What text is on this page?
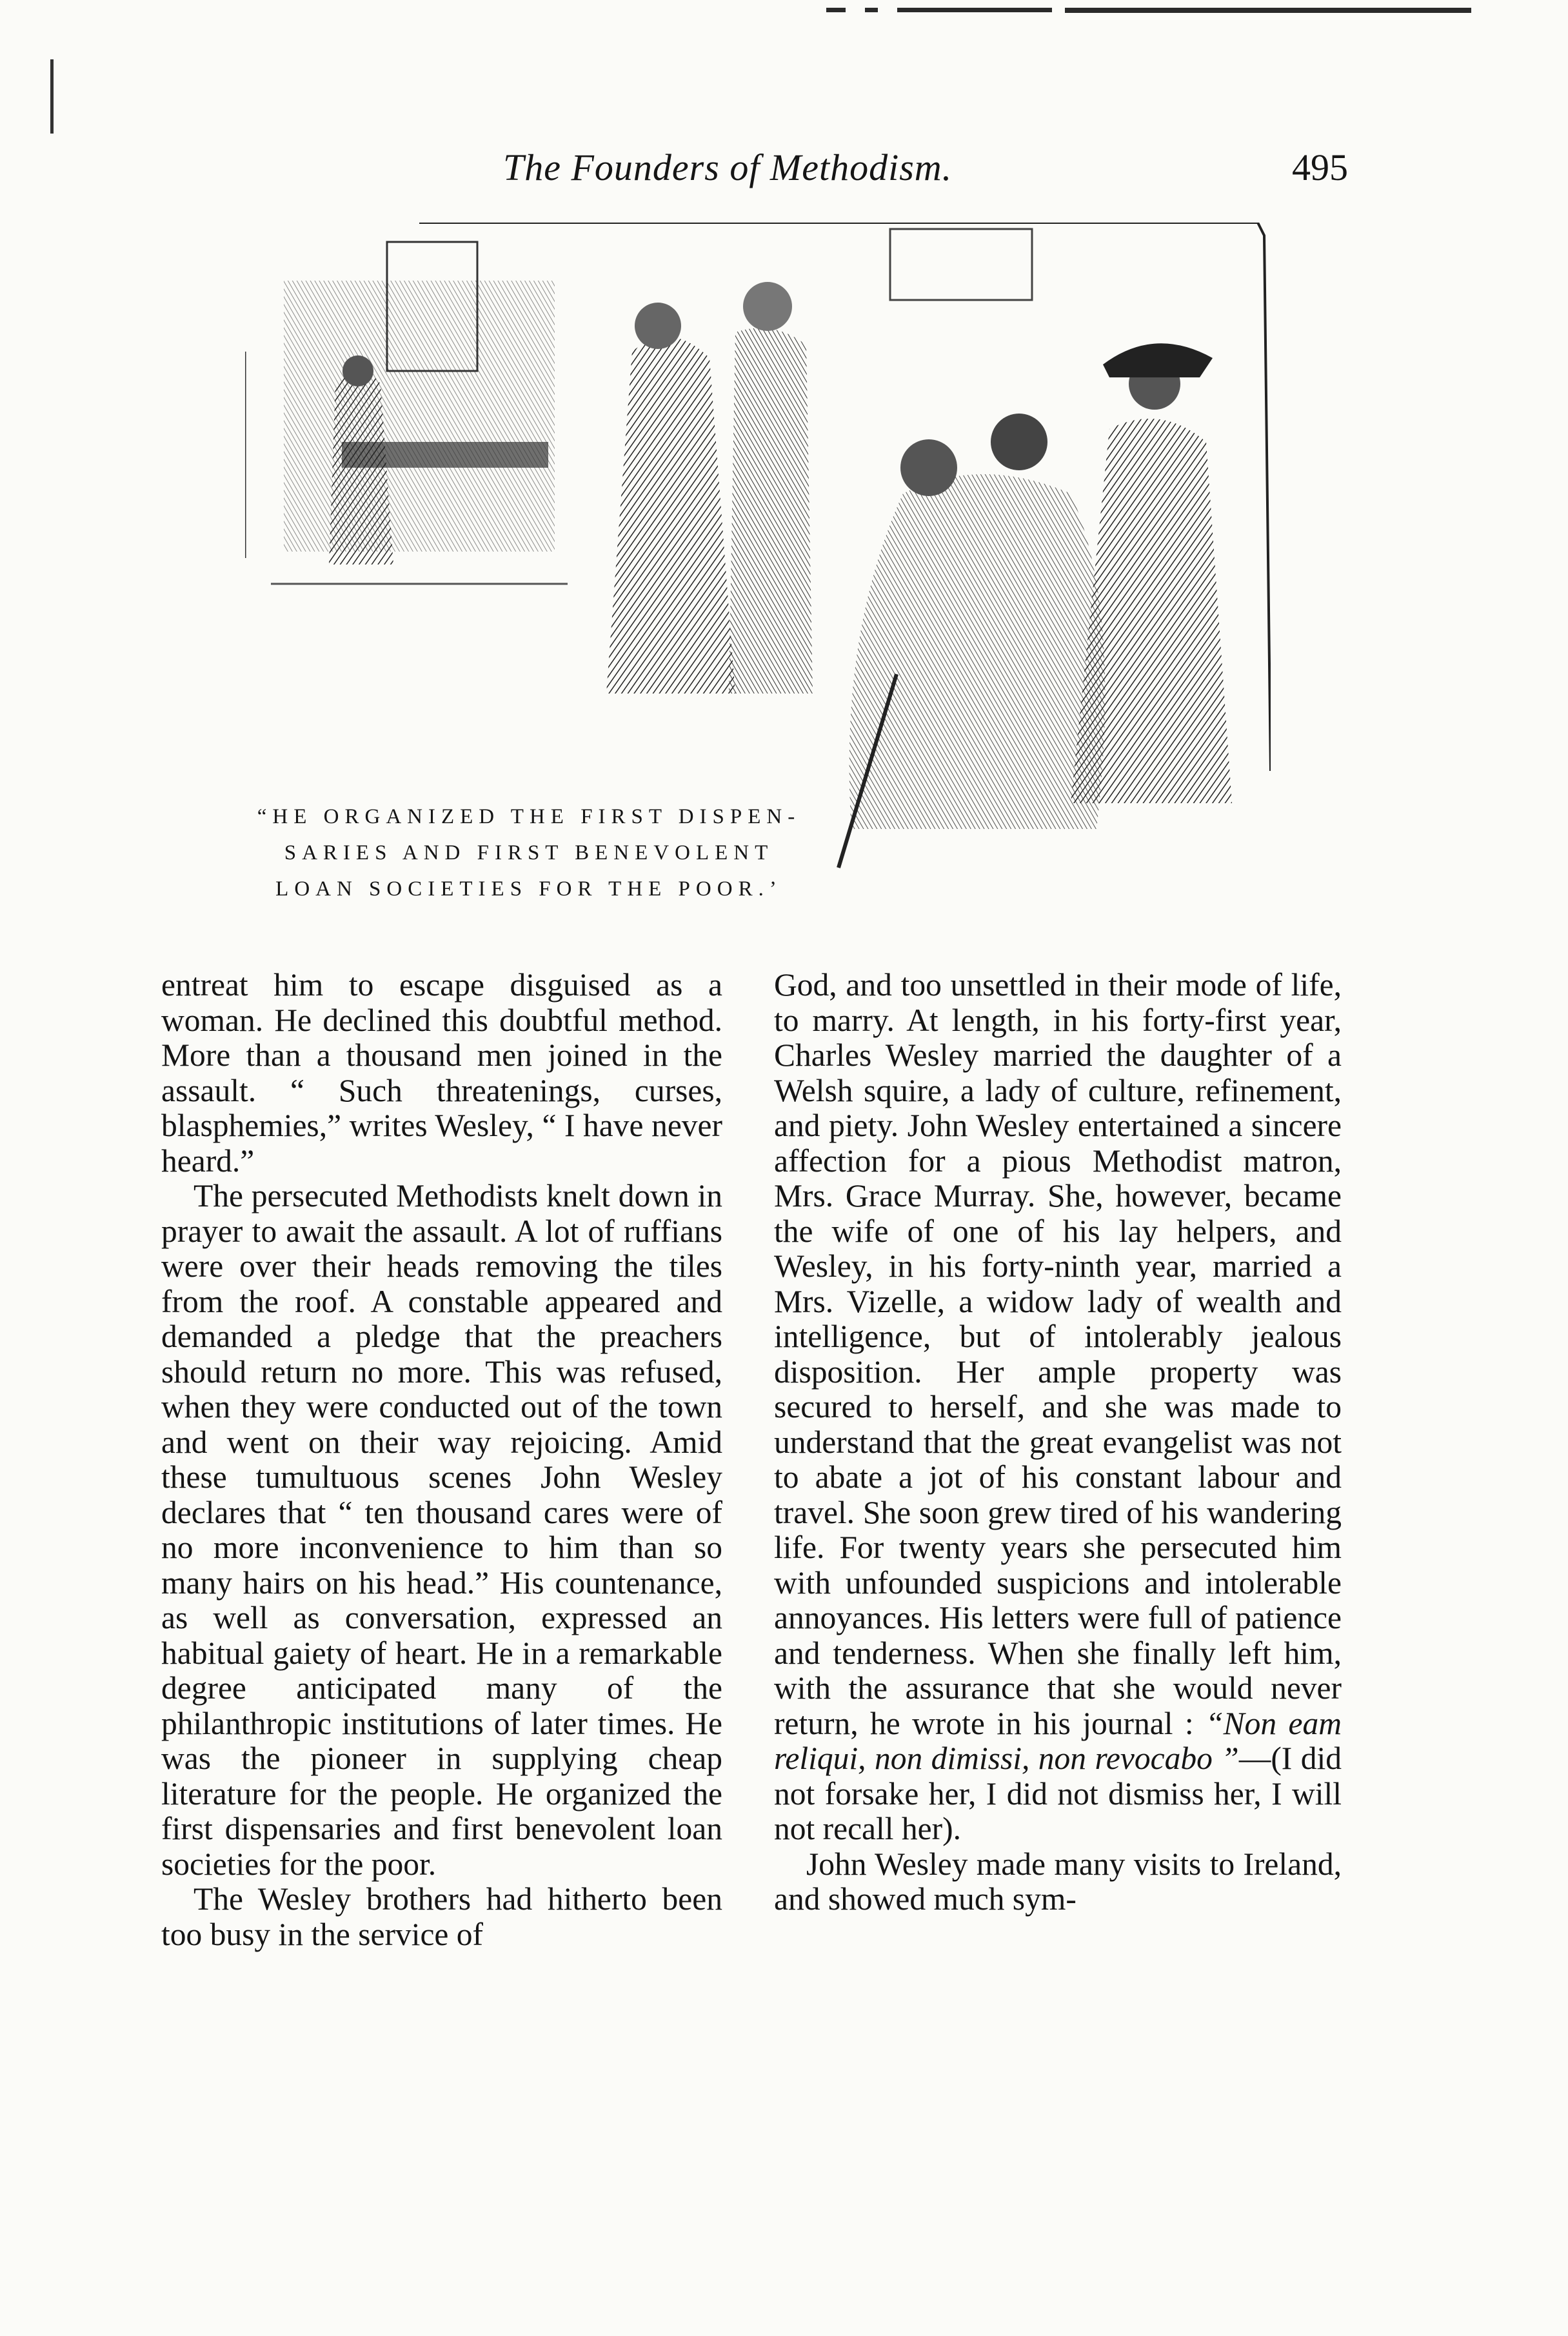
The Founders of Methodism.	495
“HE ORGANIZED THE FIRST DISPEN-
SARIES AND FIRST BENEVOLENT
LOAN SOCIETIES FOR THE POOR.’

entreat him to escape disguised as a woman. He declined this doubtful method. More than a thousand men joined in the assault. “ Such threatenings, curses, blasphemies,” writes Wesley, “ I have never heard.”

The persecuted Methodists knelt down in prayer to await the assault. A lot of ruffians were over their heads removing the tiles from the roof. A constable appeared and demanded a pledge that the preachers should return no more. This was refused, when they were conducted out of the town and went on their way rejoicing. Amid these tumultuous scenes John Wesley declares that “ ten thousand cares were of no more inconvenience to him than so many hairs on his head.” His countenance, as well as conversation, expressed an habitual gaiety of heart. He in a remarkable degree anticipated many of the philanthropic institutions of later times. He was the pioneer in supplying cheap literature for the people. He organized the first dispensaries and first benevolent loan societies for the poor.

The Wesley brothers had hitherto been too busy in the service of

God, and too unsettled in their mode of life, to marry. At length, in his forty-first year, Charles Wesley married the daughter of a Welsh squire, a lady of culture, refinement, and piety. John Wesley entertained a sincere affection for a pious Methodist matron, Mrs. Grace Murray. She, however, became the wife of one of his lay helpers, and Wesley, in his forty-ninth year, married a Mrs. Vizelle, a widow lady of wealth and intelligence, but of intolerably jealous disposition. Her ample property was secured to herself, and she was made to understand that the great evangelist was not to abate a jot of his constant labour and travel. She soon grew tired of his wandering life. For twenty years she persecuted him with unfounded suspicions and intolerable annoyances. His letters were full of patience and tenderness. When she finally left him, with the assurance that she would never return, he wrote in his journal : “Non eam reliqui, non dimissi, non revocabo ”—(I did not forsake her, I did not dismiss her, I will not recall her).

John Wesley made many visits to Ireland, and showed much sym-
